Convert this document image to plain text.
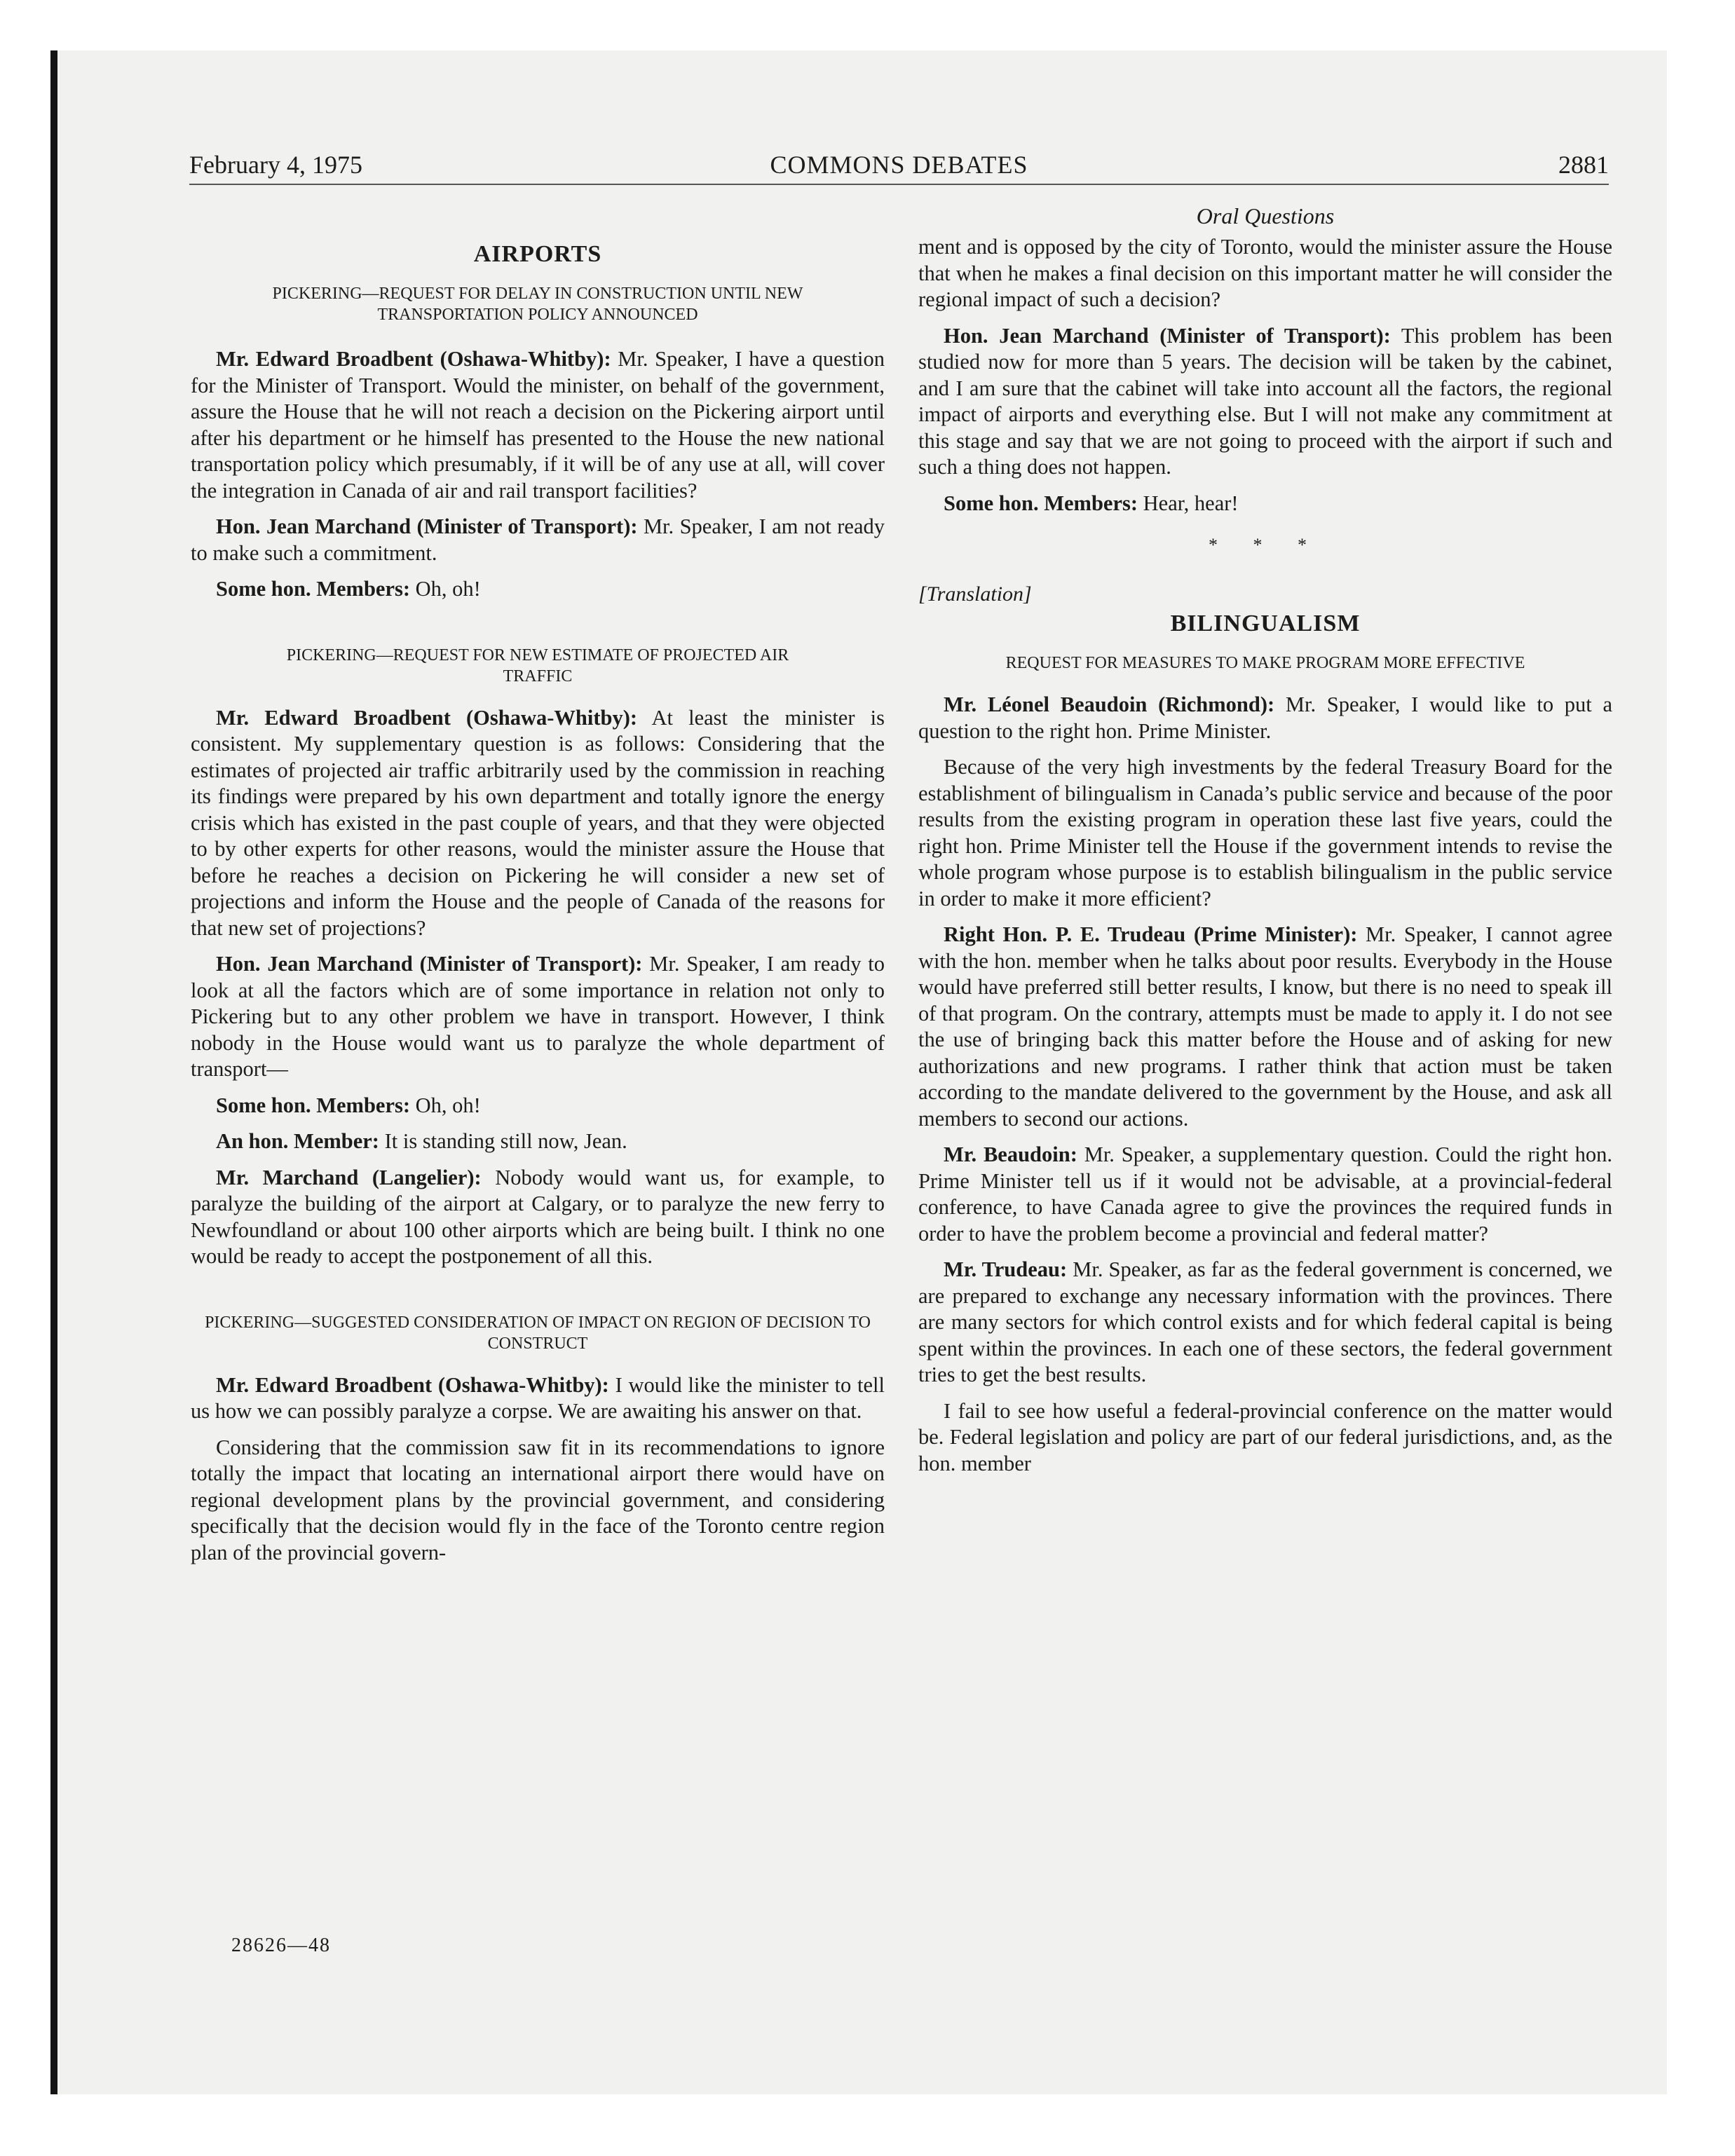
February 4, 1975	COMMONS DEBATES	2881
AIRPORTS
PICKERING—REQUEST FOR DELAY IN CONSTRUCTION UNTIL NEW TRANSPORTATION POLICY ANNOUNCED

Mr. Edward Broadbent (Oshawa-Whitby): Mr. Speaker, I have a question for the Minister of Transport. Would the minister, on behalf of the government, assure the House that he will not reach a decision on the Pickering airport until after his department or he himself has presented to the House the new national transportation policy which presumably, if it will be of any use at all, will cover the integration in Canada of air and rail transport facilities?

Hon. Jean Marchand (Minister of Transport): Mr. Speaker, I am not ready to make such a commitment.

Some hon. Members: Oh, oh!

PICKERING—REQUEST FOR NEW ESTIMATE OF PROJECTED AIR TRAFFIC

Mr. Edward Broadbent (Oshawa-Whitby): At least the minister is consistent. My supplementary question is as follows: Considering that the estimates of projected air traffic arbitrarily used by the commission in reaching its findings were prepared by his own department and totally ignore the energy crisis which has existed in the past couple of years, and that they were objected to by other experts for other reasons, would the minister assure the House that before he reaches a decision on Pickering he will consider a new set of projections and inform the House and the people of Canada of the reasons for that new set of projections?

Hon. Jean Marchand (Minister of Transport): Mr. Speaker, I am ready to look at all the factors which are of some importance in relation not only to Pickering but to any other problem we have in transport. However, I think nobody in the House would want us to paralyze the whole department of transport—

Some hon. Members: Oh, oh!

An hon. Member: It is standing still now, Jean.

Mr. Marchand (Langelier): Nobody would want us, for example, to paralyze the building of the airport at Calgary, or to paralyze the new ferry to Newfoundland or about 100 other airports which are being built. I think no one would be ready to accept the postponement of all this.

PICKERING—SUGGESTED CONSIDERATION OF IMPACT ON REGION OF DECISION TO CONSTRUCT

Mr. Edward Broadbent (Oshawa-Whitby): I would like the minister to tell us how we can possibly paralyze a corpse. We are awaiting his answer on that.

Considering that the commission saw fit in its recommendations to ignore totally the impact that locating an international airport there would have on regional development plans by the provincial government, and considering specifically that the decision would fly in the face of the Toronto centre region plan of the provincial govern-

Oral Questions

ment and is opposed by the city of Toronto, would the minister assure the House that when he makes a final decision on this important matter he will consider the regional impact of such a decision?

Hon. Jean Marchand (Minister of Transport): This problem has been studied now for more than 5 years. The decision will be taken by the cabinet, and I am sure that the cabinet will take into account all the factors, the regional impact of airports and everything else. But I will not make any commitment at this stage and say that we are not going to proceed with the airport if such and such a thing does not happen.

Some hon. Members: Hear, hear!

* * *
[Translation]
BILINGUALISM
REQUEST FOR MEASURES TO MAKE PROGRAM MORE EFFECTIVE

Mr. Léonel Beaudoin (Richmond): Mr. Speaker, I would like to put a question to the right hon. Prime Minister.

Because of the very high investments by the federal Treasury Board for the establishment of bilingualism in Canada’s public service and because of the poor results from the existing program in operation these last five years, could the right hon. Prime Minister tell the House if the government intends to revise the whole program whose purpose is to establish bilingualism in the public service in order to make it more efficient?

Right Hon. P. E. Trudeau (Prime Minister): Mr. Speaker, I cannot agree with the hon. member when he talks about poor results. Everybody in the House would have preferred still better results, I know, but there is no need to speak ill of that program. On the contrary, attempts must be made to apply it. I do not see the use of bringing back this matter before the House and of asking for new authorizations and new programs. I rather think that action must be taken according to the mandate delivered to the government by the House, and ask all members to second our actions.

Mr. Beaudoin: Mr. Speaker, a supplementary question. Could the right hon. Prime Minister tell us if it would not be advisable, at a provincial-federal conference, to have Canada agree to give the provinces the required funds in order to have the problem become a provincial and federal matter?

Mr. Trudeau: Mr. Speaker, as far as the federal government is concerned, we are prepared to exchange any necessary information with the provinces. There are many sectors for which control exists and for which federal capital is being spent within the provinces. In each one of these sectors, the federal government tries to get the best results.

I fail to see how useful a federal-provincial conference on the matter would be. Federal legislation and policy are part of our federal jurisdictions, and, as the hon. member

28626—48
